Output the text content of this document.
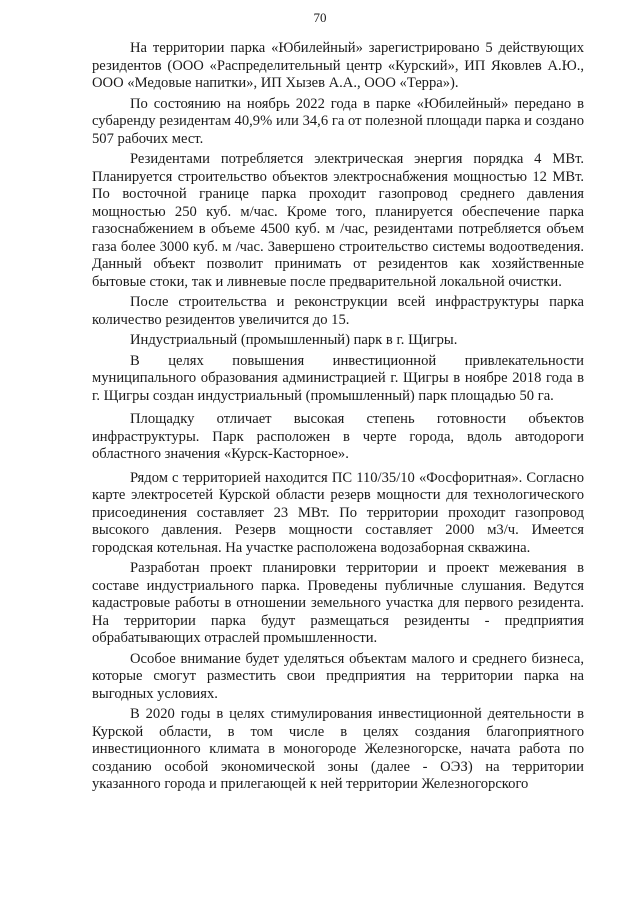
70

На территории парка «Юбилейный» зарегистрировано 5 действующих резидентов (ООО «Распределительный центр «Курский», ИП Яковлев А.Ю., ООО «Медовые напитки», ИП Хызев А.А., ООО «Терра»).

По состоянию на ноябрь 2022 года в парке «Юбилейный» передано в субаренду резидентам 40,9% или 34,6 га от полезной площади парка и создано 507 рабочих мест.

Резидентами потребляется электрическая энергия порядка 4 МВт. Планируется строительство объектов электроснабжения мощностью 12 МВт. По восточной границе парка проходит газопровод среднего давления мощностью 250 куб. м/час. Кроме того, планируется обеспечение парка газоснабжением в объеме 4500 куб. м /час, резидентами потребляется объем газа более 3000 куб. м /час. Завершено строительство системы водоотведения. Данный объект позволит принимать от резидентов как хозяйственные бытовые стоки, так и ливневые после предварительной локальной очистки.

После строительства и реконструкции всей инфраструктуры парка количество резидентов увеличится до 15.

Индустриальный (промышленный) парк в г. Щигры.

В целях повышения инвестиционной привлекательности муниципального образования администрацией г. Щигры в ноябре 2018 года в г. Щигры создан индустриальный (промышленный) парк площадью 50 га.

Площадку отличает высокая степень готовности объектов инфраструктуры. Парк расположен в черте города, вдоль автодороги областного значения «Курск-Касторное».

Рядом с территорией находится ПС 110/35/10 «Фосфоритная». Согласно карте электросетей Курской области резерв мощности для технологического присоединения составляет 23 МВт. По территории проходит газопровод высокого давления. Резерв мощности составляет 2000 м3/ч. Имеется городская котельная. На участке расположена водозаборная скважина.

Разработан проект планировки территории и проект межевания в составе индустриального парка. Проведены публичные слушания. Ведутся кадастровые работы в отношении земельного участка для первого резидента. На территории парка будут размещаться резиденты - предприятия обрабатывающих отраслей промышленности.

Особое внимание будет уделяться объектам малого и среднего бизнеса, которые смогут разместить свои предприятия на территории парка на выгодных условиях.

В 2020 годы в целях стимулирования инвестиционной деятельности в Курской области, в том числе в целях создания благоприятного инвестиционного климата в моногороде Железногорске, начата работа по созданию особой экономической зоны (далее - ОЭЗ) на территории указанного города и прилегающей к ней территории Железногорского
